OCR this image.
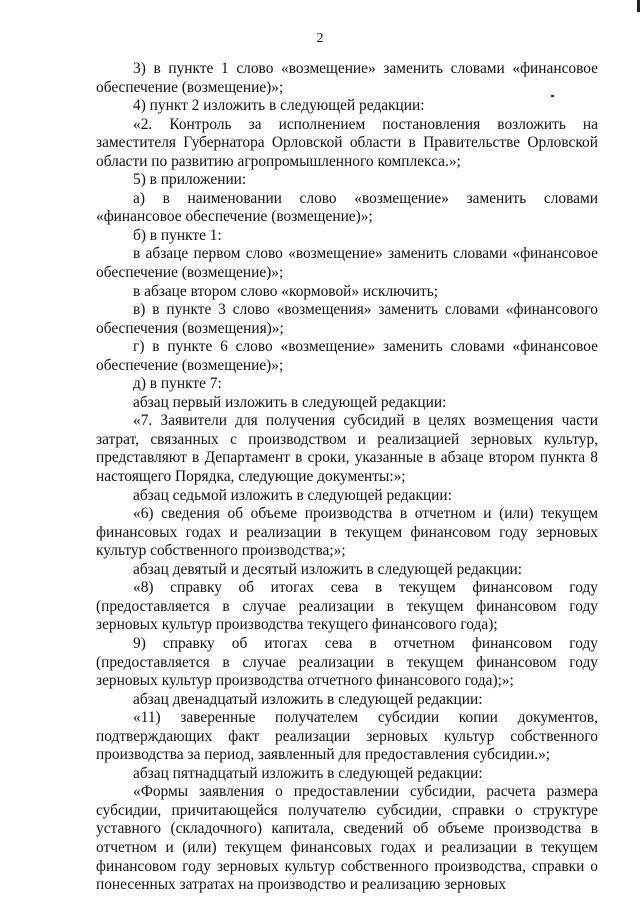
2

3) в пункте 1 слово «возмещение» заменить словами «финансовое обеспечение (возмещение)»;

4) пункт 2 изложить в следующей редакции:

«2. Контроль за исполнением постановления возложить на заместителя Губернатора Орловской области в Правительстве Орловской области по развитию агропромышленного комплекса.»;

5) в приложении:

а) в наименовании слово «возмещение» заменить словами «финансовое обеспечение (возмещение)»;

б) в пункте 1:

в абзаце первом слово «возмещение» заменить словами «финансовое обеспечение (возмещение)»;

в абзаце втором слово «кормовой» исключить;

в) в пункте 3 слово «возмещения» заменить словами «финансового обеспечения (возмещения)»;

г) в пункте 6 слово «возмещение» заменить словами «финансовое обеспечение (возмещение)»;

д) в пункте 7:

абзац первый изложить в следующей редакции:

«7. Заявители для получения субсидий в целях возмещения части затрат, связанных с производством и реализацией зерновых культур, представляют в Департамент в сроки, указанные в абзаце втором пункта 8 настоящего Порядка, следующие документы:»;

абзац седьмой изложить в следующей редакции:

«6) сведения об объеме производства в отчетном и (или) текущем финансовых годах и реализации в текущем финансовом году зерновых культур собственного производства;»;

абзац девятый и десятый изложить в следующей редакции:

«8) справку об итогах сева в текущем финансовом году (предоставляется в случае реализации в текущем финансовом году зерновых культур производства текущего финансового года);

9) справку об итогах сева в отчетном финансовом году (предоставляется в случае реализации в текущем финансовом году зерновых культур производства отчетного финансового года);»;

абзац двенадцатый изложить в следующей редакции:

«11) заверенные получателем субсидии копии документов, подтверждающих факт реализации зерновых культур собственного производства за период, заявленный для предоставления субсидии.»;

абзац пятнадцатый изложить в следующей редакции:

«Формы заявления о предоставлении субсидии, расчета размера субсидии, причитающейся получателю субсидии, справки о структуре уставного (складочного) капитала, сведений об объеме производства в отчетном и (или) текущем финансовых годах и реализации в текущем финансовом году зерновых культур собственного производства, справки о понесенных затратах на производство и реализацию зерновых
